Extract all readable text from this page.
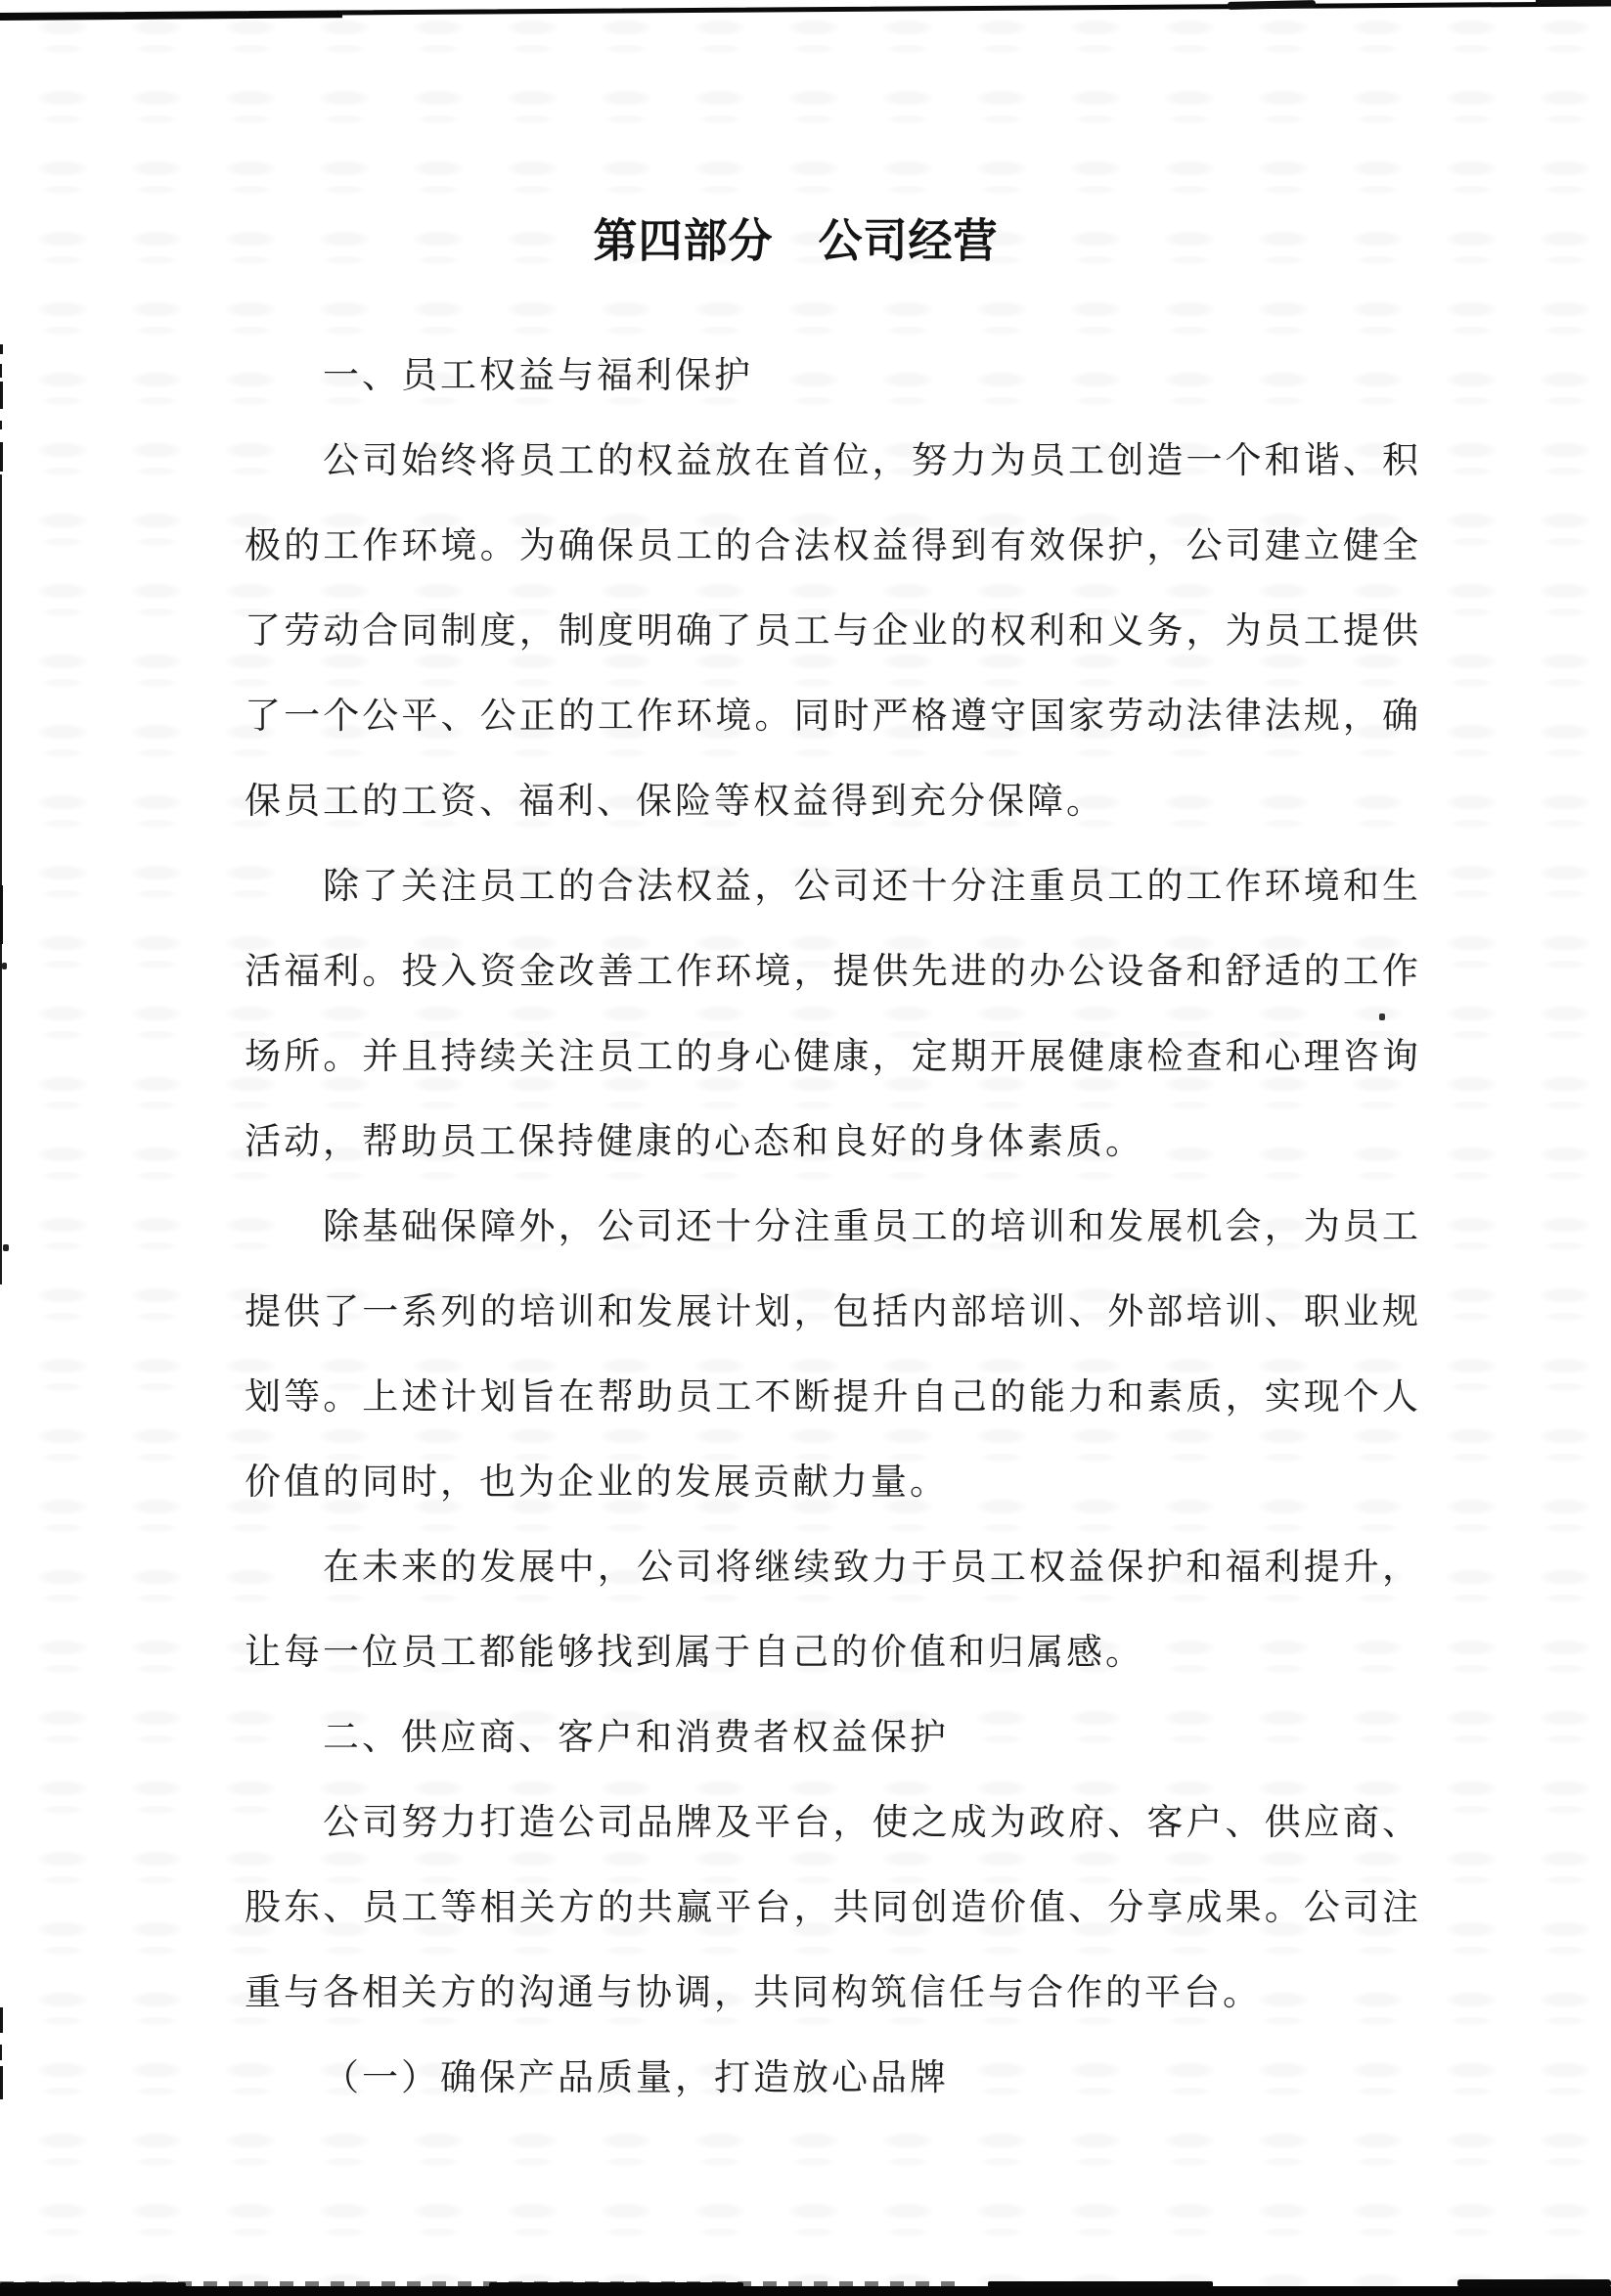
第四部分　公司经营
一、员工权益与福利保护
公司始终将员工的权益放在首位，努力为员工创造一个和谐、积
极的工作环境。为确保员工的合法权益得到有效保护，公司建立健全
了劳动合同制度，制度明确了员工与企业的权利和义务，为员工提供
了一个公平、公正的工作环境。同时严格遵守国家劳动法律法规，确
保员工的工资、福利、保险等权益得到充分保障。
除了关注员工的合法权益，公司还十分注重员工的工作环境和生
活福利。投入资金改善工作环境，提供先进的办公设备和舒适的工作
场所。并且持续关注员工的身心健康，定期开展健康检查和心理咨询
活动，帮助员工保持健康的心态和良好的身体素质。
除基础保障外，公司还十分注重员工的培训和发展机会，为员工
提供了一系列的培训和发展计划，包括内部培训、外部培训、职业规
划等。上述计划旨在帮助员工不断提升自己的能力和素质，实现个人
价值的同时，也为企业的发展贡献力量。
在未来的发展中，公司将继续致力于员工权益保护和福利提升，
让每一位员工都能够找到属于自己的价值和归属感。
二、供应商、客户和消费者权益保护
公司努力打造公司品牌及平台，使之成为政府、客户、供应商、
股东、员工等相关方的共赢平台，共同创造价值、分享成果。公司注
重与各相关方的沟通与协调，共同构筑信任与合作的平台。
（一）确保产品质量，打造放心品牌
